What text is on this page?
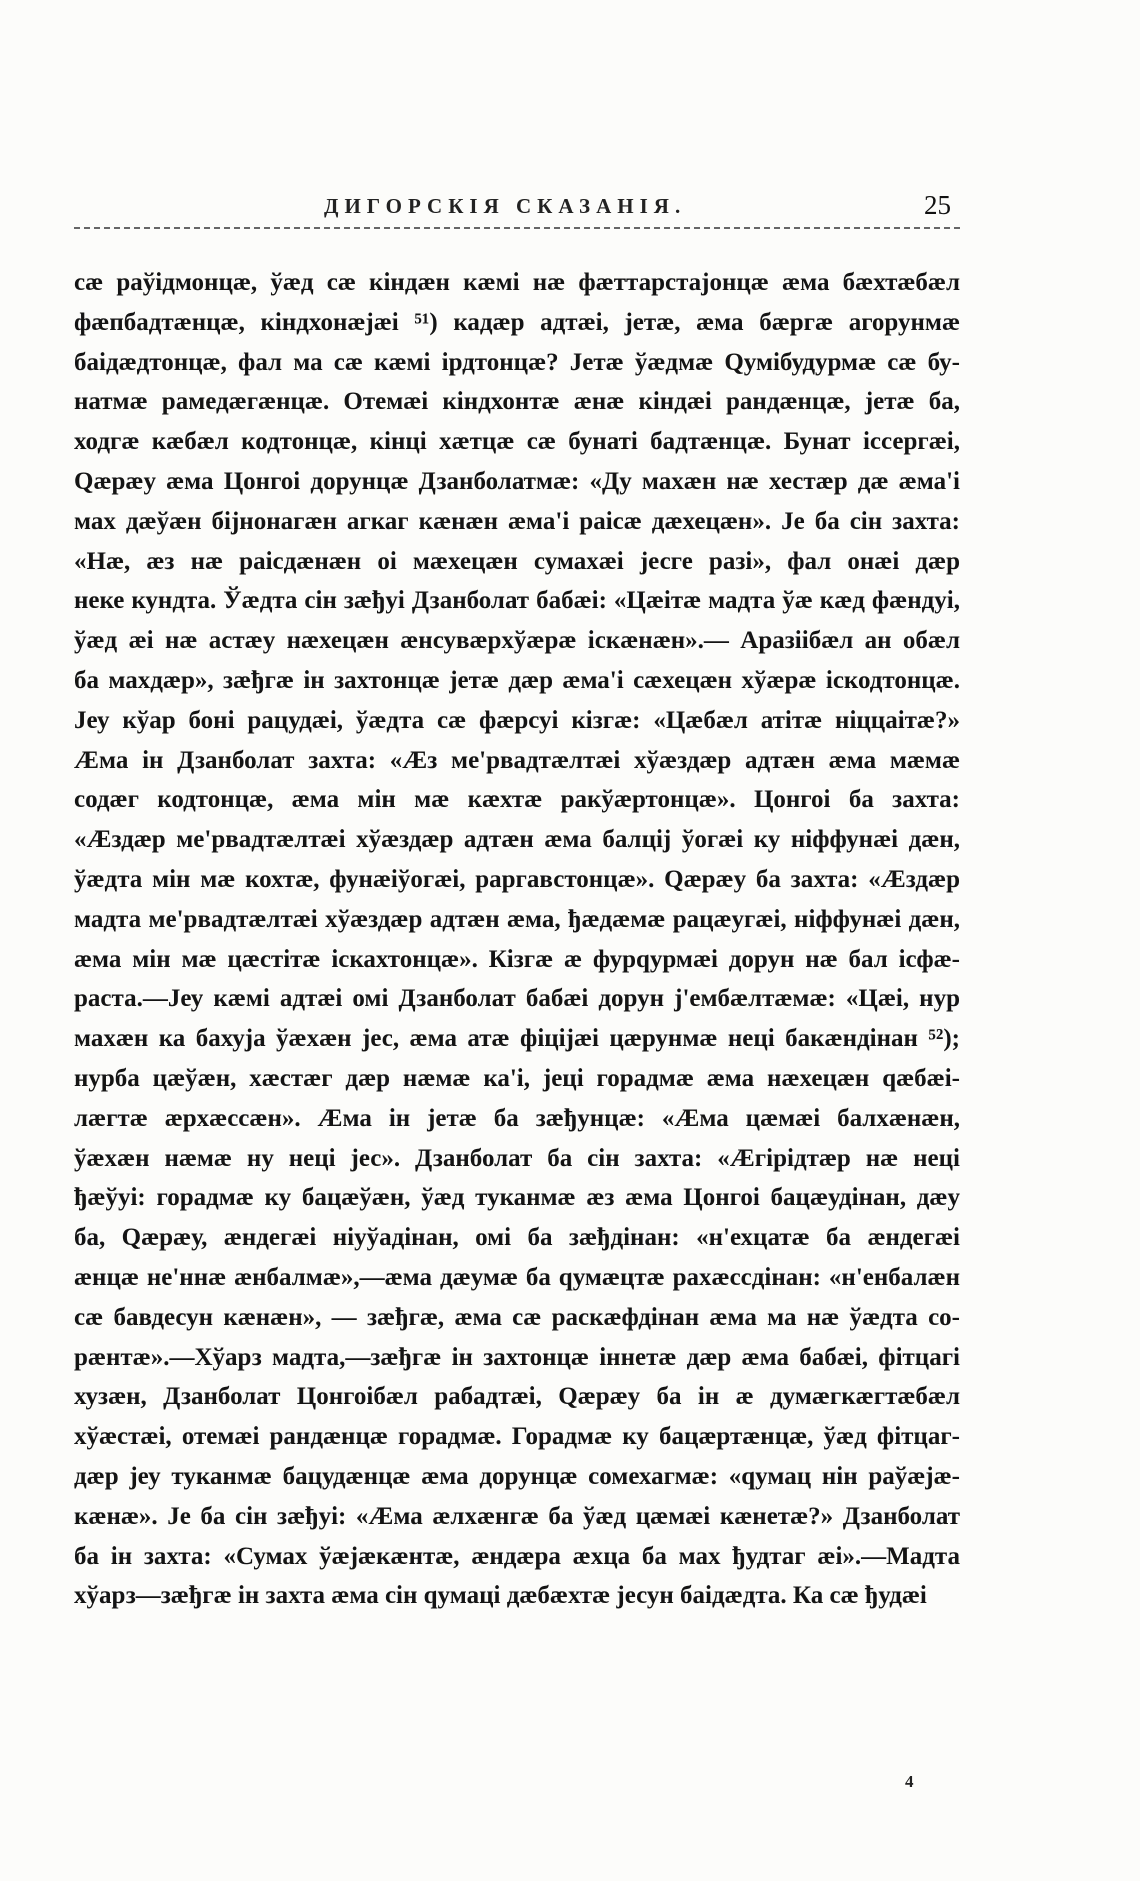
ДИГОРСКІЯ СКАЗАНІЯ.	25
сæ раўідмонцæ, ўæд сæ кіндæн кæмі нæ фæттарстајонцæ æма бæхтæбæл
фæпбадтæнцæ, кіндхонæјæі ⁵¹) кадæр адтæі, јетæ, æма бæргæ агорунмæ
баідæдтонцæ, фал ма сæ кæмі ірдтонцæ? Јетæ ўæдмæ Qумібудурмæ сæ бу-
натмæ рамедæгæнцæ. Отемæі кіндхонтæ æнæ кіндæі рандæнцæ, јетæ ба,
ходгæ кæбæл кодтонцæ, кінці хæтцæ сæ бунаті бадтæнцæ. Бунат іссергæі,
Qæрæу æма Цонгоі дорунцæ Дзанболатмæ: «Ду махæн нæ хестæр дæ æма'і
мах дæўæн біјнонагæн агкаг кæнæн æма'і раісæ дæхецæн». Је ба сін захта:
«Нæ, æз нæ раісдæнæн оі мæхецæн сумахæі јесге разі», фал онæі дæр
неке кундта. Ўæдта сін зæђуі Дзанболат бабæі: «Цæітæ мадта ўæ кæд фæндуі,
ўæд æі нæ астæу нæхецæн æнсувæрхўæрæ іскæнæн».— Аразіібæл ан обæл
ба махдæр», зæђгæ ін захтонцæ јетæ дæр æма'і сæхецæн хўæрæ іскодтонцæ.
Јеу кўар боні рацудæі, ўæдта сæ фæрсуі кізгæ: «Цæбæл атітæ ніццаітæ?»
Æма ін Дзанболат захта: «Æз ме'рвадтæлтæі хўæздæр адтæн æма мæмæ
содæг кодтонцæ, æма мін мæ кæхтæ ракўæртонцæ». Цонгоі ба захта:
«Æздæр ме'рвадтæлтæі хўæздæр адтæн æма балціј ўогæі ку ніффунæі дæн,
ўæдта мін мæ кохтæ, фунæіўогæі, раргавстонцæ». Qæрæу ба захта: «Æздæр
мадта ме'рвадтæлтæі хўæздæр адтæн æма, ђæдæмæ рацæугæі, ніффунæі дæн,
æма мін мæ цæстітæ іскахтонцæ». Кізгæ æ фурqурмæі дорун нæ бал ісфæ-
раста.—Јеу кæмі адтæі омі Дзанболат бабæі дорун ј'ембæлтæмæ: «Цæі, нур
махæн ка бахуја ўæхæн јес, æма атæ фіціјæі цæрунмæ неці бакæндінан ⁵²);
нурба цæўæн, хæстæг дæр нæмæ ка'і, јеці горадмæ æма нæхецæн qæбæі-
лæгтæ æрхæссæн». Æма ін јетæ ба зæђунцæ: «Æма цæмæі балхæнæн,
ўæхæн нæмæ ну неці јес». Дзанболат ба сін захта: «Æгірідтæр нæ неці
ђæўуі: горадмæ ку бацæўæн, ўæд туканмæ æз æма Цонгоі бацæудінан, дæу
ба, Qæрæу, æндегæі ніуўадінан, омі ба зæђдінан: «н'ехцатæ ба æндегæі
æнцæ не'ннæ æнбалмæ»,—æма дæумæ ба qумæцтæ рахæссдінан: «н'енбалæн
сæ бавдесун кæнæн», — зæђгæ, æма сæ раскæфдінан æма ма нæ ўæдта со-
рæнтæ».—Хўарз мадта,—зæђгæ ін захтонцæ іннетæ дæр æма бабæі, фітцагі
хузæн, Дзанболат Цонгоібæл рабадтæі, Qæрæу ба ін æ думæгкæгтæбæл
хўæстæі, отемæі рандæнцæ горадмæ. Горадмæ ку бацæртæнцæ, ўæд фітцаг-
дæр јеу туканмæ бацудæнцæ æма дорунцæ сомехагмæ: «qумац нін раўæјæ-
кæнæ». Је ба сін зæђуі: «Æма æлхæнгæ ба ўæд цæмæі кæнетæ?» Дзанболат
ба ін захта: «Сумах ўæјæкæнтæ, æндæра æхца ба мах ђудтаг æі».—Мадта
хўарз—зæђгæ ін захта æма сін qумаці дæбæхтæ јесун баідæдта. Ка сæ ђудæі
4
